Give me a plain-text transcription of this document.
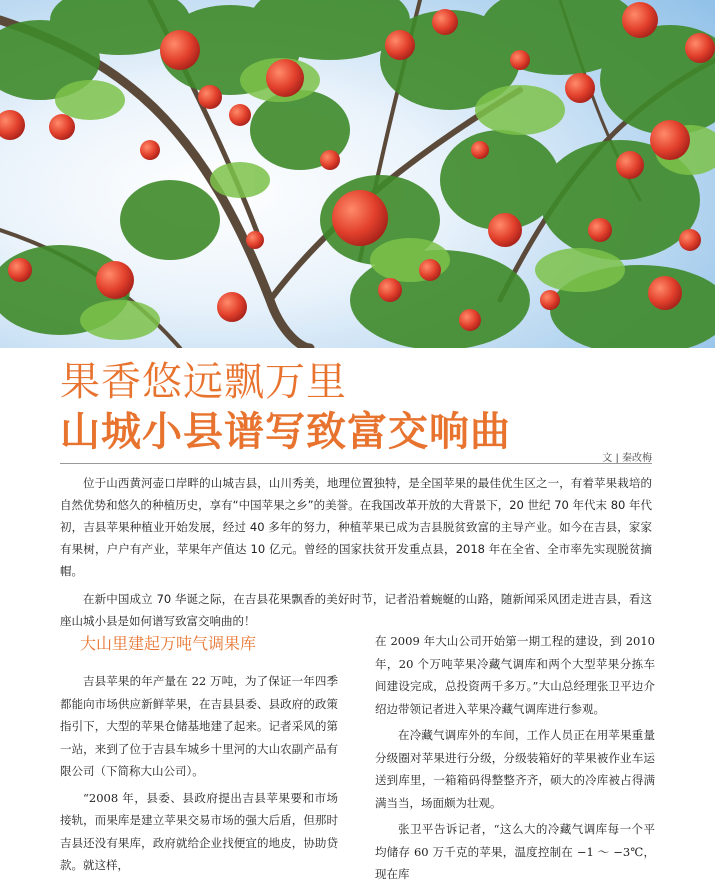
果香悠远飘万里
山城小县谱写致富交响曲
文 | 秦改梅

位于山西黄河壶口岸畔的山城吉县，山川秀美，地理位置独特，是全国苹果的最佳优生区之一，有着苹果栽培的自然优势和悠久的种植历史，享有“中国苹果之乡”的美誉。在我国改革开放的大背景下，20 世纪 70 年代末 80 年代初，吉县苹果种植业开始发展，经过 40 多年的努力，种植苹果已成为吉县脱贫致富的主导产业。如今在吉县，家家有果树，户户有产业，苹果年产值达 10 亿元。曾经的国家扶贫开发重点县，2018 年在全省、全市率先实现脱贫摘帽。

在新中国成立 70 华诞之际，在吉县花果飘香的美好时节，记者沿着蜿蜒的山路，随新闻采风团走进吉县，看这座山城小县是如何谱写致富交响曲的！

大山里建起万吨气调果库

吉县苹果的年产量在 22 万吨，为了保证一年四季都能向市场供应新鲜苹果，在吉县县委、县政府的政策指引下，大型的苹果仓储基地建了起来。记者采风的第一站，来到了位于吉县车城乡十里河的大山农副产品有限公司（下简称大山公司）。

“2008 年，县委、县政府提出吉县苹果要和市场接轨，而果库是建立苹果交易市场的强大后盾，但那时吉县还没有果库，政府就给企业找便宜的地皮，协助贷款。就这样，

在 2009 年大山公司开始第一期工程的建设，到 2010 年，20 个万吨苹果冷藏气调库和两个大型苹果分拣车间建设完成，总投资两千多万。”大山总经理张卫平边介绍边带领记者进入苹果冷藏气调库进行参观。

在冷藏气调库外的车间，工作人员正在用苹果重量分级圈对苹果进行分级，分级装箱好的苹果被作业车运送到库里，一箱箱码得整整齐齐，硕大的冷库被占得满满当当，场面颇为壮观。

张卫平告诉记者，“这么大的冷藏气调库每一个平均储存 60 万千克的苹果，温度控制在 −1 ～ −3℃，现在库
